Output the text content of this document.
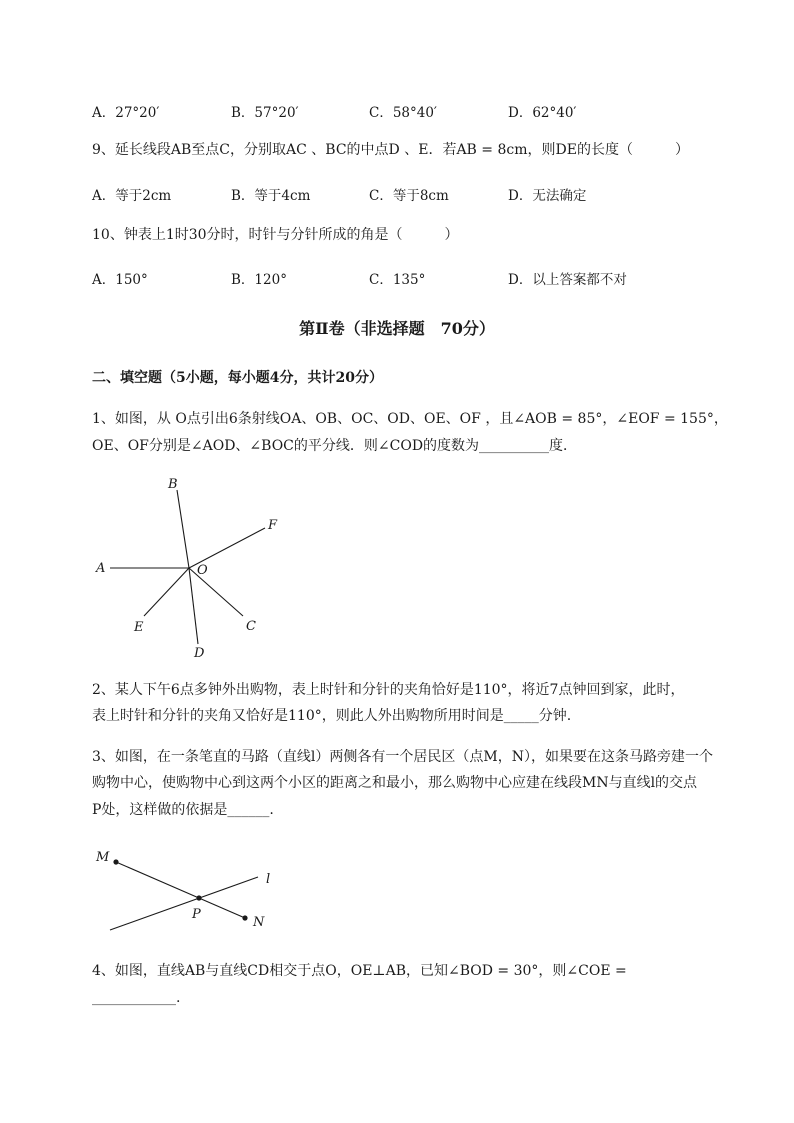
A．27°20′	B．57°20′	C．58°40′	D．62°40′
9、延长线段AB至点C，分别取AC 、BC的中点D 、E．若AB = 8cm，则DE的长度（　　　）
A．等于2cm	B．等于4cm	C．等于8cm	D．无法确定
10、钟表上1时30分时，时针与分针所成的角是（　　　）
A．150°	B．120°	C．135°	D．以上答案都不对
第Ⅱ卷（非选择题　70分）
二、填空题（5小题，每小题4分，共计20分）
1、如图，从 O点引出6条射线OA、OB、OC、OD、OE、OF ，且∠AOB = 85°，∠EOF = 155°，
OE、OF分别是∠AOD、∠BOC的平分线．则∠COD的度数为__________度．
A
B
F
O
E	C
D
2、某人下午6点多钟外出购物，表上时针和分针的夹角恰好是110°，将近7点钟回到家，此时，
表上时针和分针的夹角又恰好是110°，则此人外出购物所用时间是_____分钟.
3、如图，在一条笔直的马路（直线l）两侧各有一个居民区（点M，N），如果要在这条马路旁建一个
购物中心，使购物中心到这两个小区的距离之和最小，那么购物中心应建在线段MN与直线l的交点
P处，这样做的依据是______.
M
l
P
N
4、如图，直线AB与直线CD相交于点O，OE⊥AB，已知∠BOD = 30°，则∠COE =
____________.
